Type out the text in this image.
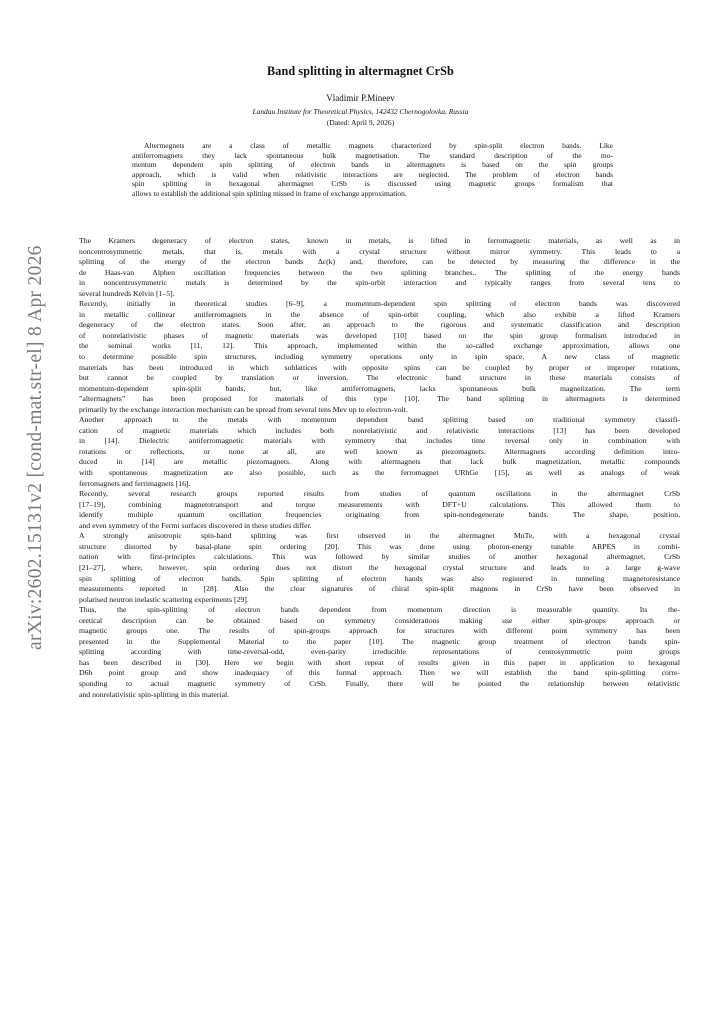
Band splitting in altermagnet CrSb
Vladimir P.Mineev
Landau Institute for Theoretical Physics, 142432 Chernogolovka, Russia
(Dated: April 9, 2026)
Altermegnets are a class of metallic magnets characterized by spin-split electron bands. Like
antiferromagnets they lack spontaneous bulk magnetisation. The standard description of the mo-
mentum dependent spin splitting of electron bands in altermagnets is based on the spin groups
approach, which is valid when relativistic interactions are neglected. The problem of electron bands
spin splitting in hexagonal altermagnet CrSb is discussed using magnetic groups formalism that
allows to establish the additional spin splitting missed in frame of exchange approximation.
The Kramers degeneracy of electron states, known in metals, is lifted in ferromagnetic materials, as well as in
noncentrosymmetric metals, that is, metals with a crystal structure without mirror symmetry. This leads to a
splitting of the energy of the electron bands Δε(k) and, therefore, can be detected by measuring the difference in the
de Haas-van Alphen oscillation frequencies between the two splitting branches.. The splitting of the energy bands
in noncentrosymmetric metals is determined by the spin-orbit interaction and typically ranges from several tens to
several hundreds Kelvin [1–5].
Recently, initially in theoretical studies [6–9], a momentum-dependent spin splitting of electron bands was discovered
in metallic collinear antiferromagnets in the absence of spin-orbit coupling, which also exhibit a lifted Kramers
degeneracy of the electron states. Soon after, an approach to the rigorous and systematic classification and description
of nonrelativistic phases of magnetic materials was developed [10] based on the spin group formalism introduced in
the seminal works [11, 12]. This approach, implemented within the so-called exchange approximation, allows one
to determine possible spin structures, including symmetry operations only in spin space. A new class of magnetic
materials has been introduced in which sublattices with opposite spins can be coupled by proper or improper rotations,
but cannot be coupled by translation or inversion. The electronic band structure in these materials consists of
momentum-dependent spin-split bands, but, like antiferromagnets, lacks spontaneous bulk magnetization. The term
”altermagnets” has been proposed for materials of this type [10]. The band splitting in altermagnets is determined
primarily by the exchange interaction mechanism can be spread from several tens Mev up to electron-volt.
Another approach to the metals with momentum dependent band splitting based on traditional symmetry classifi-
cation of magnetic materials which includes both nonrelativistic and relativistic interactions [13] has been developed
in [14]. Dielectric antiferromagnetic materials with symmetry that includes time reversal only in combination with
rotations or reflections, or none at all, are well known as piezomagnets. Altermagnets according definition intro-
duced in [14] are metallic piezomagnets. Along with altermagnets that lack bulk magnetization, metallic compounds
with spontaneous magnetization are also possible, such as the ferromagnet URhGe [15], as well as analogs of weak
ferromagnets and ferrimagnets [16].
Recently, several research groups reported results from studies of quantum oscillations in the altermagnet CrSb
[17–19], combining magnetotransport and torque measurements with DFT+U calculations. This allowed them to
identify multiple quantum oscillation frequencies originating from spin-nondegenerate bands. The shape, position,
and even symmetry of the Fermi surfaces discovered in these studies differ.
A strongly anisotropic spin-band splitting was first observed in the altermagnet MnTe, with a hexagonal crystal
structure distorted by basal-plane spin ordering [20]. This was done using photon-energy tunable ARPES in combi-
nation with first-principles calculations. This was followed by similar studies of another hexagonal altermagnet, CrSb
[21–27], where, however, spin ordering does not distort the hexagonal crystal structure and leads to a large g-wave
spin splitting of electron bands. Spin splitting of electron bands was also registered in tunneling magnetoresistance
measurements reported in [28]. Also the clear signatures of chiral spin-split magnons in CrSb have been observed in
polarised neutron inelastic scattering experiments [29].
Thus, the spin-splitting of electron bands dependent from momentum direction is measurable quantity. Its the-
oretical description can be obtained based on symmetry considerations making use either spin-groups approach or
magnetic groups one. The results of spin-groups approach for structures with different point symmetry has been
presented in the Supplemental Material to the paper [10]. The magnetic group treatment of electron bands spin-
splitting according with time-reversal-odd, even-parity irreducible representations of centrosymmetric point groups
has been described in [30]. Here we begin with short repeat of results given in this paper in application to hexagonal
D6h point group and show inadequacy of this formal approach. Then we will establish the band spin-splitting corre-
sponding to actual magnetic symmetry of CrSb. Finally, there will be pointed the relationship between relativistic
and nonrelativistic spin-splitting in this material.
arXiv:2602.15131v2 [cond-mat.str-el] 8 Apr 2026
